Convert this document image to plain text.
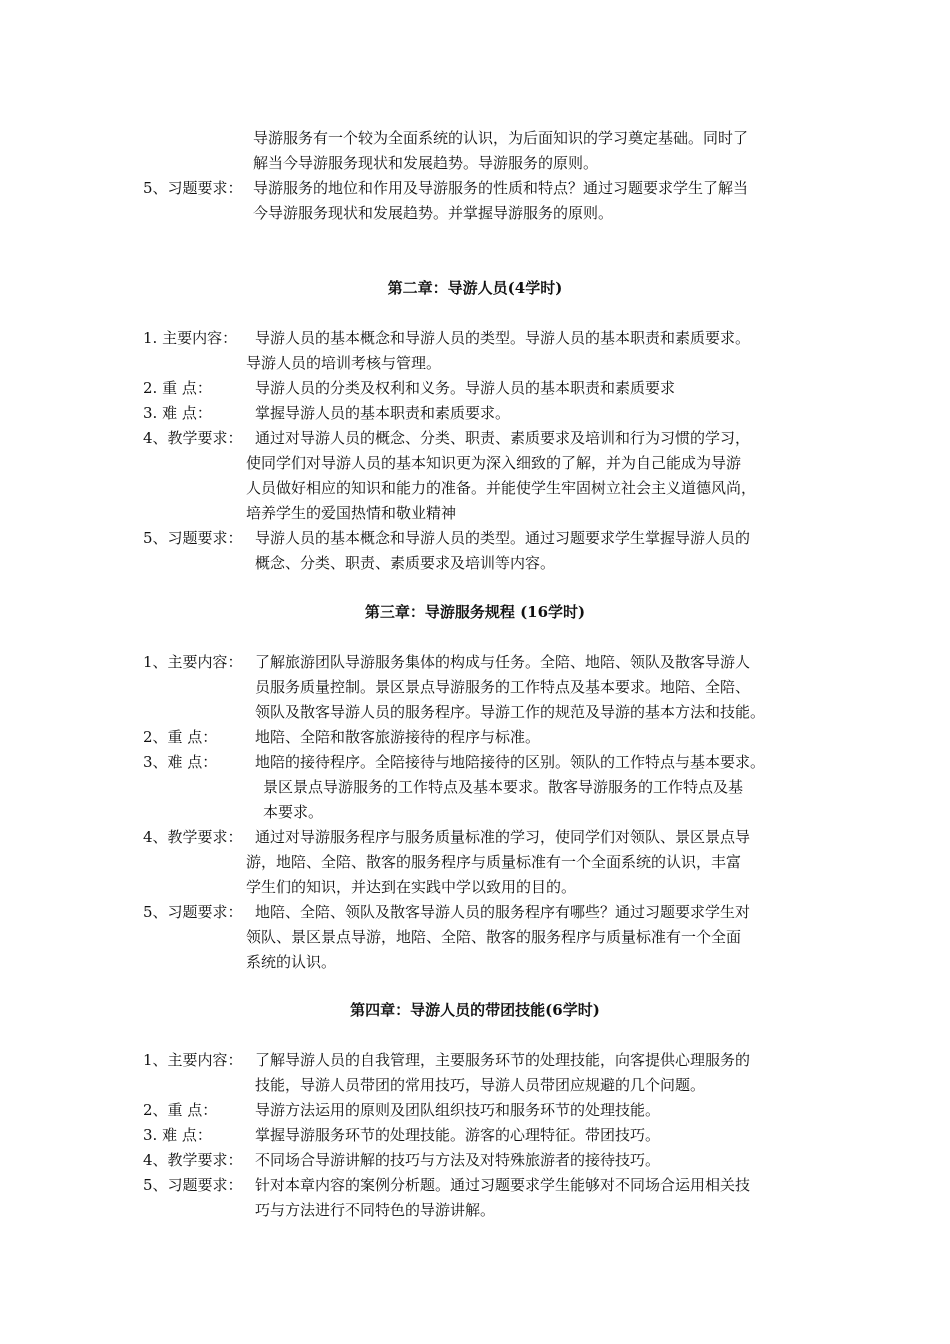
导游服务有一个较为全面系统的认识，为后面知识的学习奠定基础。同时了
解当今导游服务现状和发展趋势。导游服务的原则。
5、习题要求： 导游服务的地位和作用及导游服务的性质和特点？通过习题要求学生了解当
今导游服务现状和发展趋势。并掌握导游服务的原则。
第二章：导游人员(4学时)
1. 主要内容： 导游人员的基本概念和导游人员的类型。导游人员的基本职责和素质要求。
导游人员的培训考核与管理。
2. 重 点：	导游人员的分类及权利和义务。导游人员的基本职责和素质要求
3. 难 点：	掌握导游人员的基本职责和素质要求。
4、教学要求： 通过对导游人员的概念、分类、职责、素质要求及培训和行为习惯的学习，
使同学们对导游人员的基本知识更为深入细致的了解，并为自己能成为导游
人员做好相应的知识和能力的准备。并能使学生牢固树立社会主义道德风尚，
培养学生的爱国热情和敬业精神
5、习题要求： 导游人员的基本概念和导游人员的类型。通过习题要求学生掌握导游人员的
概念、分类、职责、素质要求及培训等内容。
第三章：导游服务规程 (16学时)
1、主要内容： 了解旅游团队导游服务集体的构成与任务。全陪、地陪、领队及散客导游人
员服务质量控制。景区景点导游服务的工作特点及基本要求。地陪、全陪、
领队及散客导游人员的服务程序。导游工作的规范及导游的基本方法和技能。
2、重 点：	地陪、全陪和散客旅游接待的程序与标准。
3、难 点：	地陪的接待程序。全陪接待与地陪接待的区别。领队的工作特点与基本要求。
景区景点导游服务的工作特点及基本要求。散客导游服务的工作特点及基
本要求。
4、教学要求： 通过对导游服务程序与服务质量标准的学习，使同学们对领队、景区景点导
游，地陪、全陪、散客的服务程序与质量标准有一个全面系统的认识，丰富
学生们的知识，并达到在实践中学以致用的目的。
5、习题要求： 地陪、全陪、领队及散客导游人员的服务程序有哪些？通过习题要求学生对
领队、景区景点导游，地陪、全陪、散客的服务程序与质量标准有一个全面
系统的认识。
第四章：导游人员的带团技能(6学时)
1、主要内容： 了解导游人员的自我管理，主要服务环节的处理技能，向客提供心理服务的
技能，导游人员带团的常用技巧，导游人员带团应规避的几个问题。
2、重 点：	导游方法运用的原则及团队组织技巧和服务环节的处理技能。
3. 难 点：	掌握导游服务环节的处理技能。游客的心理特征。带团技巧。
4、教学要求： 不同场合导游讲解的技巧与方法及对特殊旅游者的接待技巧。
5、习题要求： 针对本章内容的案例分析题。通过习题要求学生能够对不同场合运用相关技
巧与方法进行不同特色的导游讲解。
